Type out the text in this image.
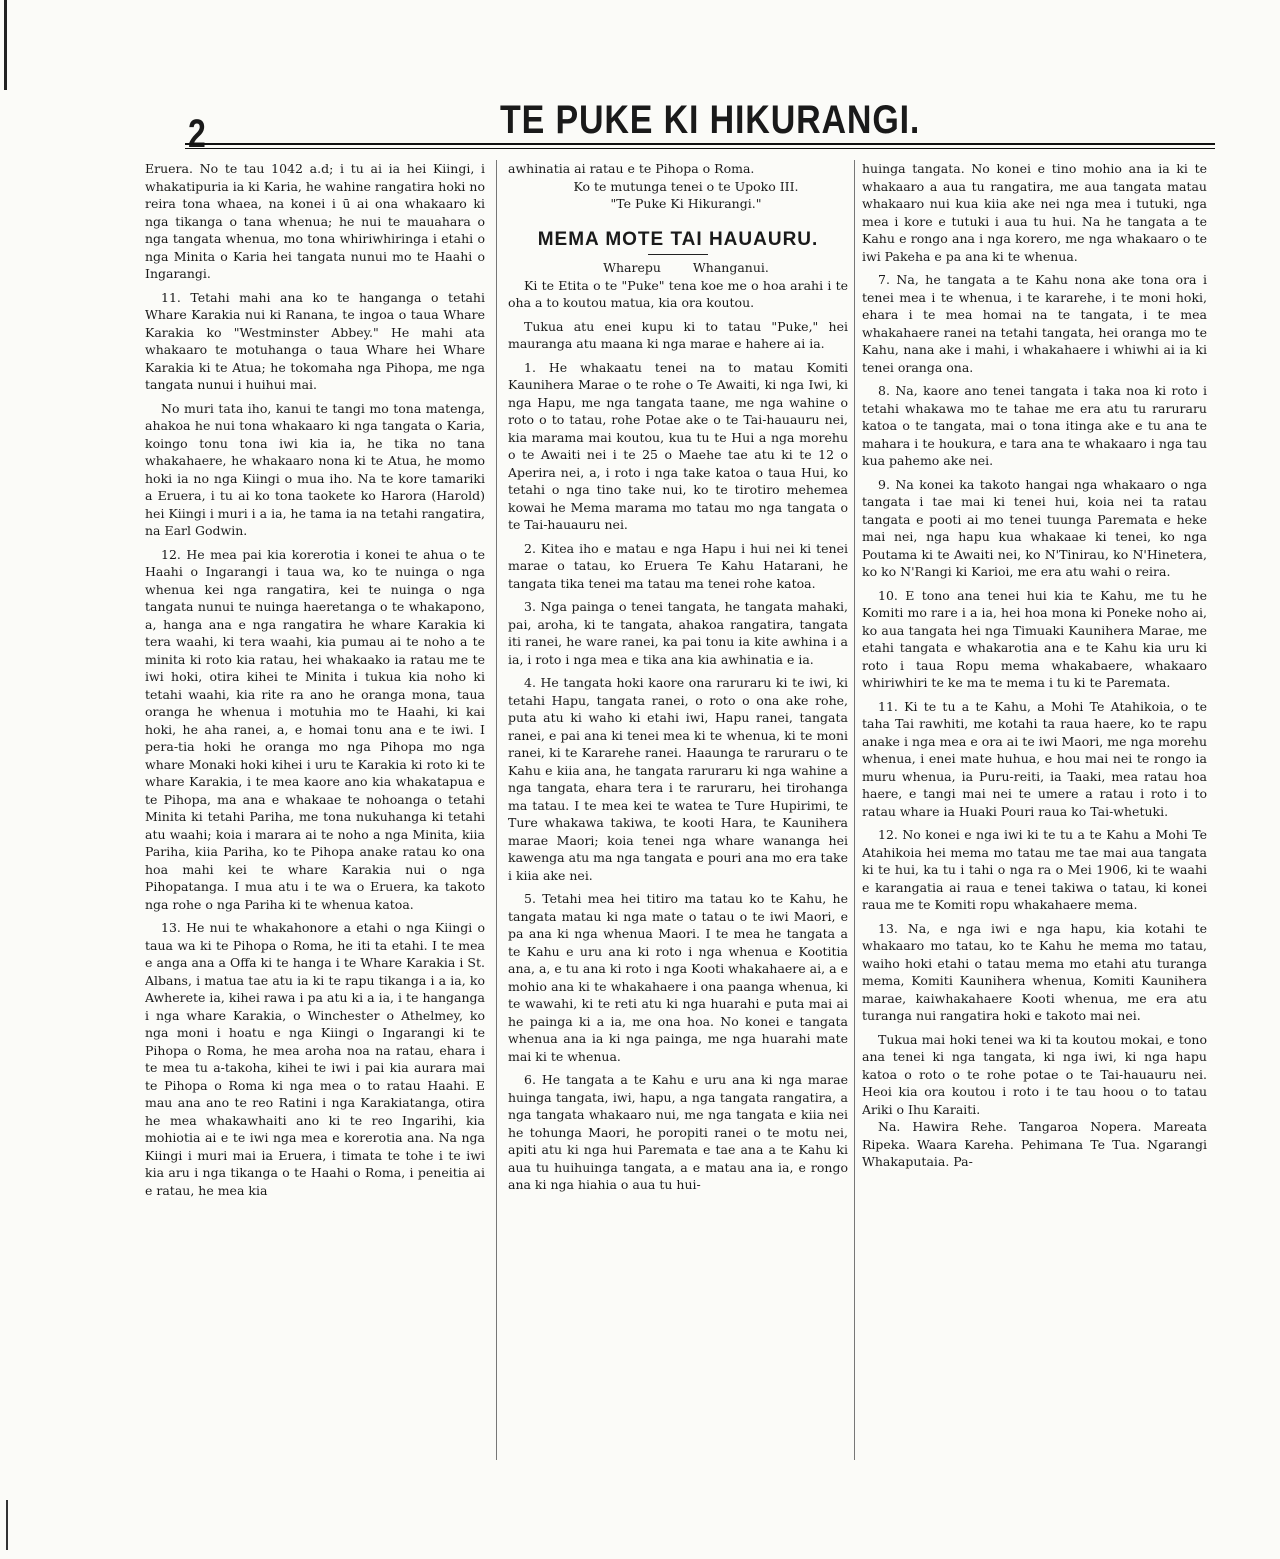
2	TE PUKE KI HIKURANGI.

Eruera. No te tau 1042 a.d; i tu ai ia hei Kiingi, i whakatipuria ia ki Karia, he wahine rangatira hoki no reira tona whaea, na konei i ū ai ona whakaaro ki nga tikanga o tana whenua; he nui te mauahara o nga tangata whenua, mo tona whiriwhiringa i etahi o nga Minita o Karia hei tangata nunui mo te Haahi o Ingarangi.

11. Tetahi mahi ana ko te hanganga o tetahi Whare Karakia nui ki Ranana, te ingoa o taua Whare Karakia ko "Westminster Abbey." He mahi ata whakaaro te motuhanga o taua Whare hei Whare Karakia ki te Atua; he tokomaha nga Pihopa, me nga tangata nunui i huihui mai.

No muri tata iho, kanui te tangi mo tona matenga, ahakoa he nui tona whakaaro ki nga tangata o Karia, koingo tonu tona iwi kia ia, he tika no tana whakahaere, he whakaaro nona ki te Atua, he momo hoki ia no nga Kiingi o mua iho. Na te kore tamariki a Eruera, i tu ai ko tona taokete ko Harora (Harold) hei Kiingi i muri i a ia, he tama ia na tetahi rangatira, na Earl Godwin.

12. He mea pai kia korerotia i konei te ahua o te Haahi o Ingarangi i taua wa, ko te nuinga o nga whenua kei nga rangatira, kei te nuinga o nga tangata nunui te nuinga haeretanga o te whakapono, a, hanga ana e nga rangatira he whare Karakia ki tera waahi, ki tera waahi, kia pumau ai te noho a te minita ki roto kia ratau, hei whakaako ia ratau me te iwi hoki, otira kihei te Minita i tukua kia noho ki tetahi waahi, kia rite ra ano he oranga mona, taua oranga he whenua i motuhia mo te Haahi, ki kai hoki, he aha ranei, a, e homai tonu ana e te iwi. I pera-tia hoki he oranga mo nga Pihopa mo nga whare Monaki hoki kihei i uru te Karakia ki roto ki te whare Karakia, i te mea kaore ano kia whakatapua e te Pihopa, ma ana e whakaae te nohoanga o tetahi Minita ki tetahi Pariha, me tona nukuhanga ki tetahi atu waahi; koia i marara ai te noho a nga Minita, kiia Pariha, kiia Pariha, ko te Pihopa anake ratau ko ona hoa mahi kei te whare Karakia nui o nga Pihopatanga. I mua atu i te wa o Eruera, ka takoto nga rohe o nga Pariha ki te whenua katoa.

13. He nui te whakahonore a etahi o nga Kiingi o taua wa ki te Pihopa o Roma, he iti ta etahi. I te mea e anga ana a Offa ki te hanga i te Whare Karakia i St. Albans, i matua tae atu ia ki te rapu tikanga i a ia, ko Awherete ia, kihei rawa i pa atu ki a ia, i te hanganga i nga whare Karakia, o Winchester o Athelmey, ko nga moni i hoatu e nga Kiingi o Ingarangi ki te Pihopa o Roma, he mea aroha noa na ratau, ehara i te mea tu a-takoha, kihei te iwi i pai kia aurara mai te Pihopa o Roma ki nga mea o to ratau Haahi. E mau ana ano te reo Ratini i nga Karakiatanga, otira he mea whakawhaiti ano ki te reo Ingarihi, kia mohiotia ai e te iwi nga mea e korerotia ana. Na nga Kiingi i muri mai ia Eruera, i timata te tohe i te iwi kia aru i nga tikanga o te Haahi o Roma, i peneitia ai e ratau, he mea kia

awhinatia ai ratau e te Pihopa o Roma.

Ko te mutunga tenei o te Upoko III.

"Te Puke Ki Hikurangi."

MEMA MOTE TAI HAUAURU.

Wharepu	Whanganui.

Ki te Etita o te "Puke" tena koe me o hoa arahi i te oha a to koutou matua, kia ora koutou.

Tukua atu enei kupu ki to tatau "Puke," hei mauranga atu maana ki nga marae e hahere ai ia.

1. He whakaatu tenei na to matau Komiti Kaunihera Marae o te rohe o Te Awaiti, ki nga Iwi, ki nga Hapu, me nga tangata taane, me nga wahine o roto o to tatau, rohe Potae ake o te Tai-hauauru nei, kia marama mai koutou, kua tu te Hui a nga morehu o te Awaiti nei i te 25 o Maehe tae atu ki te 12 o Aperira nei, a, i roto i nga take katoa o taua Hui, ko tetahi o nga tino take nui, ko te tirotiro mehemea kowai he Mema marama mo tatau mo nga tangata o te Tai-hauauru nei.

2. Kitea iho e matau e nga Hapu i hui nei ki tenei marae o tatau, ko Eruera Te Kahu Hatarani, he tangata tika tenei ma tatau ma tenei rohe katoa.

3. Nga painga o tenei tangata, he tangata mahaki, pai, aroha, ki te tangata, ahakoa rangatira, tangata iti ranei, he ware ranei, ka pai tonu ia kite awhina i a ia, i roto i nga mea e tika ana kia awhinatia e ia.

4. He tangata hoki kaore ona raruraru ki te iwi, ki tetahi Hapu, tangata ranei, o roto o ona ake rohe, puta atu ki waho ki etahi iwi, Hapu ranei, tangata ranei, e pai ana ki tenei mea ki te whenua, ki te moni ranei, ki te Kararehe ranei. Haaunga te raruraru o te Kahu e kiia ana, he tangata raruraru ki nga wahine a nga tangata, ehara tera i te raruraru, hei tirohanga ma tatau. I te mea kei te watea te Ture Hupirimi, te Ture whakawa takiwa, te kooti Hara, te Kaunihera marae Maori; koia tenei nga whare wananga hei kawenga atu ma nga tangata e pouri ana mo era take i kiia ake nei.

5. Tetahi mea hei titiro ma tatau ko te Kahu, he tangata matau ki nga mate o tatau o te iwi Maori, e pa ana ki nga whenua Maori. I te mea he tangata a te Kahu e uru ana ki roto i nga whenua e Kootitia ana, a, e tu ana ki roto i nga Kooti whakahaere ai, a e mohio ana ki te whakahaere i ona paanga whenua, ki te wawahi, ki te reti atu ki nga huarahi e puta mai ai he painga ki a ia, me ona hoa. No konei e tangata whenua ana ia ki nga painga, me nga huarahi mate mai ki te whenua.

6. He tangata a te Kahu e uru ana ki nga marae huinga tangata, iwi, hapu, a nga tangata rangatira, a nga tangata whakaaro nui, me nga tangata e kiia nei he tohunga Maori, he poropiti ranei o te motu nei, apiti atu ki nga hui Paremata e tae ana a te Kahu ki aua tu huihuinga tangata, a e matau ana ia, e rongo ana ki nga hiahia o aua tu hui-

huinga tangata. No konei e tino mohio ana ia ki te whakaaro a aua tu rangatira, me aua tangata matau whakaaro nui kua kiia ake nei nga mea i tutuki, nga mea i kore e tutuki i aua tu hui. Na he tangata a te Kahu e rongo ana i nga korero, me nga whakaaro o te iwi Pakeha e pa ana ki te whenua.

7. Na, he tangata a te Kahu nona ake tona ora i tenei mea i te whenua, i te kararehe, i te moni hoki, ehara i te mea homai na te tangata, i te mea whakahaere ranei na tetahi tangata, hei oranga mo te Kahu, nana ake i mahi, i whakahaere i whiwhi ai ia ki tenei oranga ona.

8. Na, kaore ano tenei tangata i taka noa ki roto i tetahi whakawa mo te tahae me era atu tu raruraru katoa o te tangata, mai o tona itinga ake e tu ana te mahara i te houkura, e tara ana te whakaaro i nga tau kua pahemo ake nei.

9. Na konei ka takoto hangai nga whakaaro o nga tangata i tae mai ki tenei hui, koia nei ta ratau tangata e pooti ai mo tenei tuunga Paremata e heke mai nei, nga hapu kua whakaae ki tenei, ko nga Poutama ki te Awaiti nei, ko N'Tinirau, ko N'Hinetera, ko ko N'Rangi ki Karioi, me era atu wahi o reira.

10. E tono ana tenei hui kia te Kahu, me tu he Komiti mo rare i a ia, hei hoa mona ki Poneke noho ai, ko aua tangata hei nga Timuaki Kaunihera Marae, me etahi tangata e whakarotia ana e te Kahu kia uru ki roto i taua Ropu mema whakabaere, whakaaro whiriwhiri te ke ma te mema i tu ki te Paremata.

11. Ki te tu a te Kahu, a Mohi Te Atahikoia, o te taha Tai rawhiti, me kotahi ta raua haere, ko te rapu anake i nga mea e ora ai te iwi Maori, me nga morehu whenua, i enei mate huhua, e hou mai nei te rongo ia muru whenua, ia Puru-reiti, ia Taaki, mea ratau hoa haere, e tangi mai nei te umere a ratau i roto i to ratau whare ia Huaki Pouri raua ko Tai-whetuki.

12. No konei e nga iwi ki te tu a te Kahu a Mohi Te Atahikoia hei mema mo tatau me tae mai aua tangata ki te hui, ka tu i tahi o nga ra o Mei 1906, ki te waahi e karangatia ai raua e tenei takiwa o tatau, ki konei raua me te Komiti ropu whakahaere mema.

13. Na, e nga iwi e nga hapu, kia kotahi te whakaaro mo tatau, ko te Kahu he mema mo tatau, waiho hoki etahi o tatau mema mo etahi atu turanga mema, Komiti Kaunihera whenua, Komiti Kaunihera marae, kaiwhakahaere Kooti whenua, me era atu turanga nui rangatira hoki e takoto mai nei.

Tukua mai hoki tenei wa ki ta koutou mokai, e tono ana tenei ki nga tangata, ki nga iwi, ki nga hapu katoa o roto o te rohe potae o te Tai-hauauru nei. Heoi kia ora koutou i roto i te tau hoou o to tatau Ariki o Ihu Karaiti.

Na. Hawira Rehe. Tangaroa Nopera. Mareata Ripeka. Waara Kareha. Pehimana Te Tua. Ngarangi Whakaputaia. Pa-
